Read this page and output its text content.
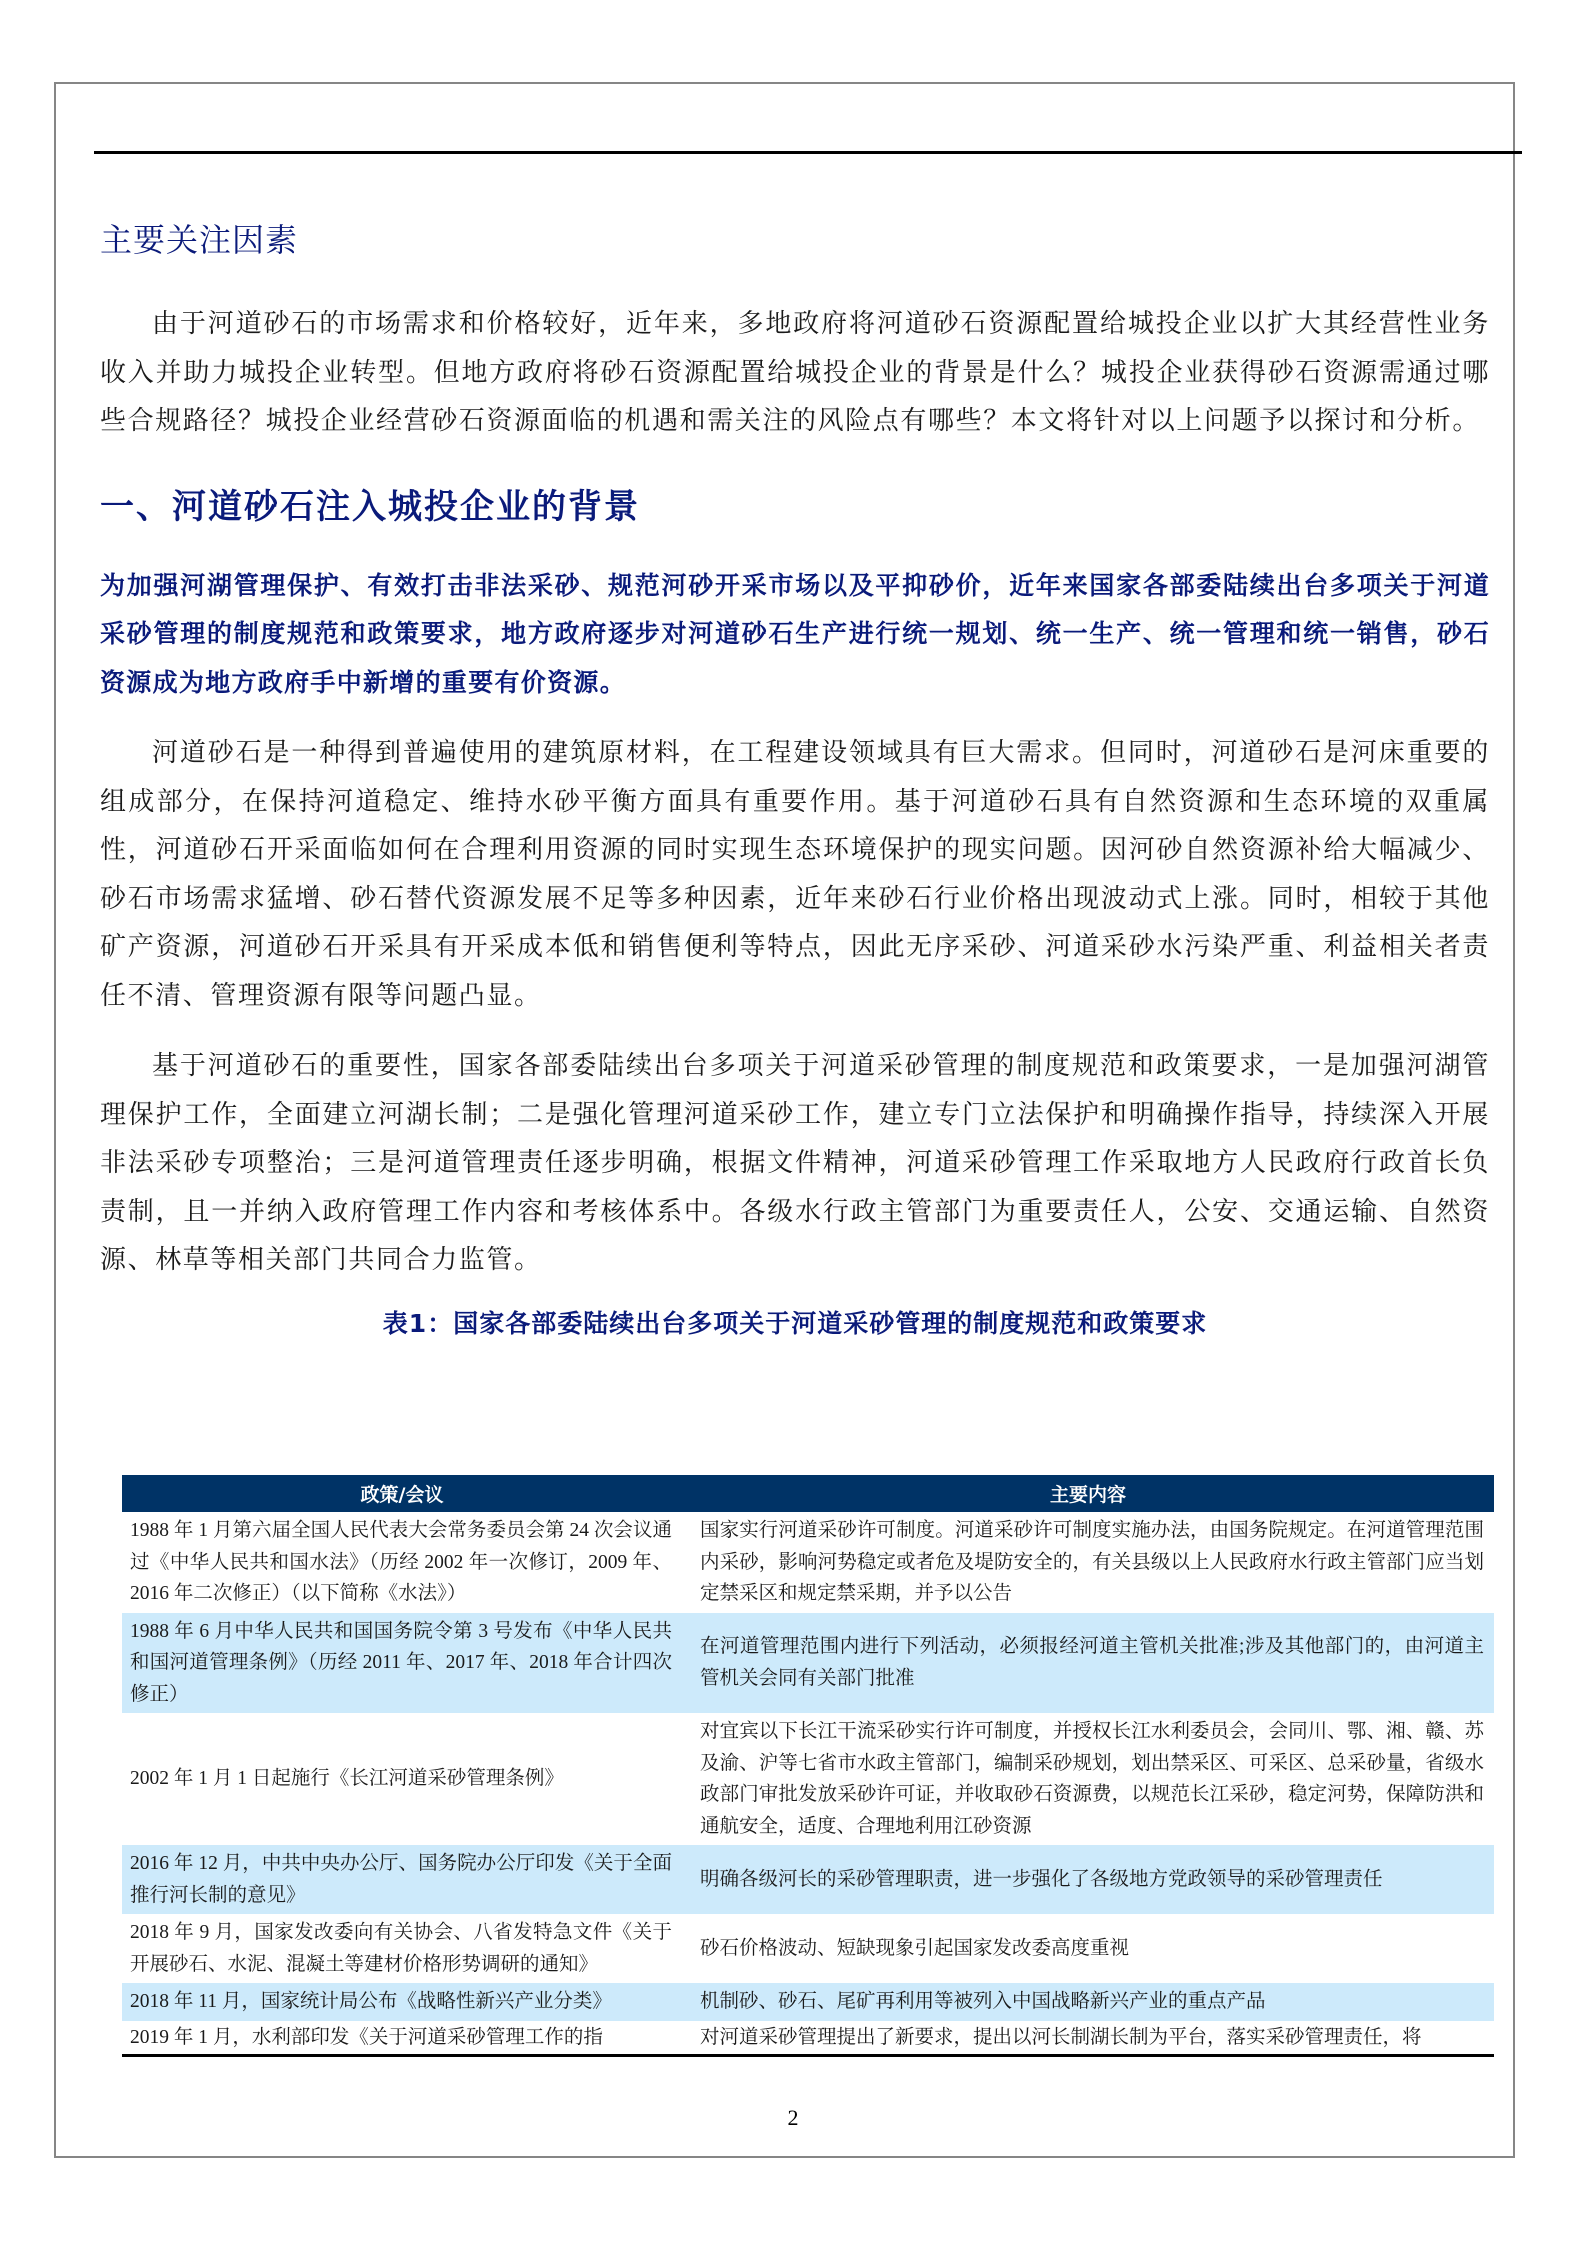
主要关注因素

由于河道砂石的市场需求和价格较好，近年来，多地政府将河道砂石资源配置给城投企业以扩大其经营性业务收入并助力城投企业转型。但地方政府将砂石资源配置给城投企业的背景是什么？城投企业获得砂石资源需通过哪些合规路径？城投企业经营砂石资源面临的机遇和需关注的风险点有哪些？本文将针对以上问题予以探讨和分析。

一、河道砂石注入城投企业的背景

为加强河湖管理保护、有效打击非法采砂、规范河砂开采市场以及平抑砂价，近年来国家各部委陆续出台多项关于河道采砂管理的制度规范和政策要求，地方政府逐步对河道砂石生产进行统一规划、统一生产、统一管理和统一销售，砂石资源成为地方政府手中新增的重要有价资源。

河道砂石是一种得到普遍使用的建筑原材料，在工程建设领域具有巨大需求。但同时，河道砂石是河床重要的组成部分，在保持河道稳定、维持水砂平衡方面具有重要作用。基于河道砂石具有自然资源和生态环境的双重属性，河道砂石开采面临如何在合理利用资源的同时实现生态环境保护的现实问题。因河砂自然资源补给大幅减少、砂石市场需求猛增、砂石替代资源发展不足等多种因素，近年来砂石行业价格出现波动式上涨。同时，相较于其他矿产资源，河道砂石开采具有开采成本低和销售便利等特点，因此无序采砂、河道采砂水污染严重、利益相关者责任不清、管理资源有限等问题凸显。

基于河道砂石的重要性，国家各部委陆续出台多项关于河道采砂管理的制度规范和政策要求，一是加强河湖管理保护工作，全面建立河湖长制；二是强化管理河道采砂工作，建立专门立法保护和明确操作指导，持续深入开展非法采砂专项整治；三是河道管理责任逐步明确，根据文件精神，河道采砂管理工作采取地方人民政府行政首长负责制，且一并纳入政府管理工作内容和考核体系中。各级水行政主管部门为重要责任人，公安、交通运输、自然资源、林草等相关部门共同合力监管。

表1：国家各部委陆续出台多项关于河道采砂管理的制度规范和政策要求
政策/会议	主要内容
1988 年 1 月第六届全国人民代表大会常务委员会第 24 次会议通过《中华人民共和国水法》（历经 2002 年一次修订，2009 年、2016 年二次修正）（以下简称《水法》）	国家实行河道采砂许可制度。河道采砂许可制度实施办法，由国务院规定。在河道管理范围内采砂，影响河势稳定或者危及堤防安全的，有关县级以上人民政府水行政主管部门应当划定禁采区和规定禁采期，并予以公告
1988 年 6 月中华人民共和国国务院令第 3 号发布《中华人民共和国河道管理条例》（历经 2011 年、2017 年、2018 年合计四次修正）	在河道管理范围内进行下列活动，必须报经河道主管机关批准;涉及其他部门的，由河道主管机关会同有关部门批准
2002 年 1 月 1 日起施行《长江河道采砂管理条例》	对宜宾以下长江干流采砂实行许可制度，并授权长江水利委员会，会同川、鄂、湘、赣、苏及渝、沪等七省市水政主管部门，编制采砂规划，划出禁采区、可采区、总采砂量，省级水政部门审批发放采砂许可证，并收取砂石资源费，以规范长江采砂，稳定河势，保障防洪和通航安全，适度、合理地利用江砂资源
2016 年 12 月，中共中央办公厅、国务院办公厅印发《关于全面推行河长制的意见》	明确各级河长的采砂管理职责，进一步强化了各级地方党政领导的采砂管理责任
2018 年 9 月，国家发改委向有关协会、八省发特急文件《关于开展砂石、水泥、混凝土等建材价格形势调研的通知》	砂石价格波动、短缺现象引起国家发改委高度重视
2018 年 11 月，国家统计局公布《战略性新兴产业分类》	机制砂、砂石、尾矿再利用等被列入中国战略新兴产业的重点产品
2019 年 1 月，水利部印发《关于河道采砂管理工作的指	对河道采砂管理提出了新要求，提出以河长制湖长制为平台，落实采砂管理责任，将
2
